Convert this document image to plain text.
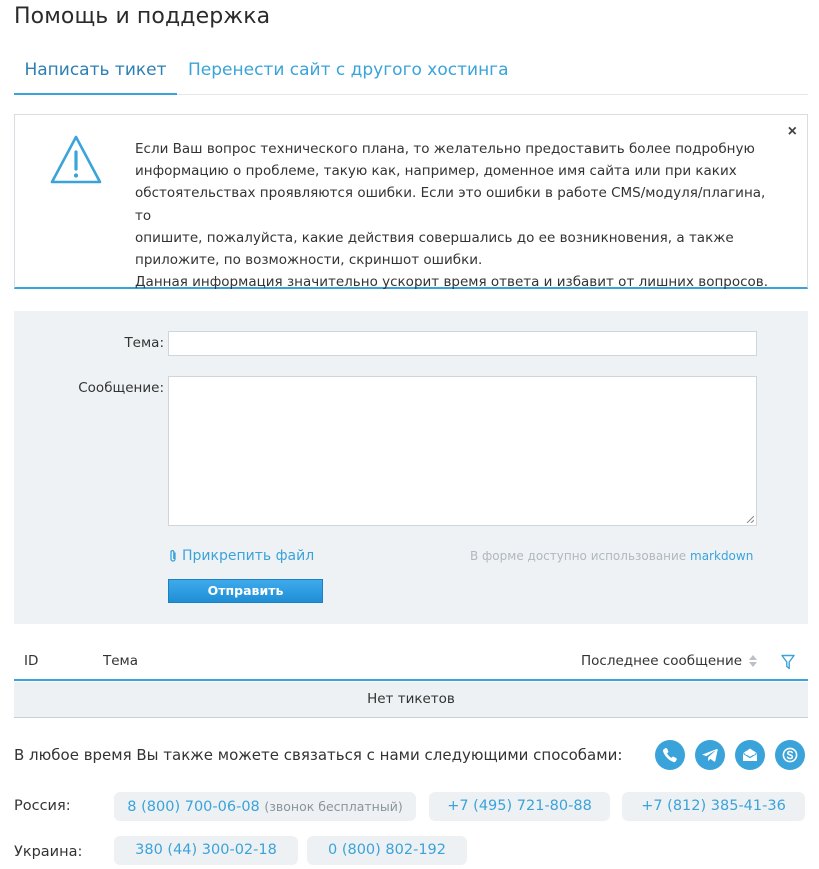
Помощь и поддержка
Написать тикет	Перенести сайт с другого хостинга

Если Ваш вопрос технического плана, то желательно предоставить более подробную

информацию о проблеме, такую как, например, доменное имя сайта или при каких

обстоятельствах проявляются ошибки. Если это ошибки в работе CMS/модуля/плагина, то

опишите, пожалуйста, какие действия совершались до ее возникновения, а также

приложите, по возможности, скриншот ошибки.

Данная информация значительно ускорит время ответа и избавит от лишних вопросов.

×
Тема:
Сообщение:
Прикрепить файл	В форме доступно использование markdown
Отправить
ID	Тема	Последнее сообщение
Нет тикетов
В любое время Вы также можете связаться с нами следующими способами:
Россия:	8 (800) 700-06-08 (звонок бесплатный)	+7 (495) 721-80-88	+7 (812) 385-41-36
Украина:	380 (44) 300-02-18	0 (800) 802-192
